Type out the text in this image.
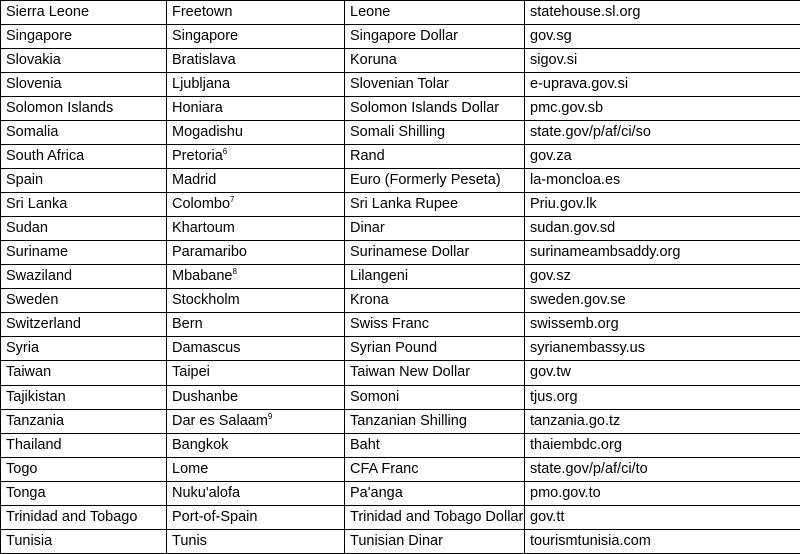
Sierra Leone	Freetown	Leone	statehouse.sl.org
Singapore	Singapore	Singapore Dollar	gov.sg
Slovakia	Bratislava	Koruna	sigov.si
Slovenia	Ljubljana	Slovenian Tolar	e-uprava.gov.si
Solomon Islands	Honiara	Solomon Islands Dollar	pmc.gov.sb
Somalia	Mogadishu	Somali Shilling	state.gov/p/af/ci/so
South Africa	Pretoria$^6$	Rand	gov.za
Spain	Madrid	Euro (Formerly Peseta)	la-moncloa.es
Sri Lanka	Colombo$^7$	Sri Lanka Rupee	Priu.gov.lk
Sudan	Khartoum	Dinar	sudan.gov.sd
Suriname	Paramaribo	Surinamese Dollar	surinameambsaddy.org
Swaziland	Mbabane$^8$	Lilangeni	gov.sz
Sweden	Stockholm	Krona	sweden.gov.se
Switzerland	Bern	Swiss Franc	swissemb.org
Syria	Damascus	Syrian Pound	syrianembassy.us
Taiwan	Taipei	Taiwan New Dollar	gov.tw
Tajikistan	Dushanbe	Somoni	tjus.org
Tanzania	Dar es Salaam$^9$	Tanzanian Shilling	tanzania.go.tz
Thailand	Bangkok	Baht	thaiembdc.org
Togo	Lome	CFA Franc	state.gov/p/af/ci/to
Tonga	Nuku'alofa	Pa'anga	pmo.gov.to
Trinidad and Tobago	Port-of-Spain	Trinidad and Tobago Dollar	gov.tt
Tunisia	Tunis	Tunisian Dinar	tourismtunisia.com
